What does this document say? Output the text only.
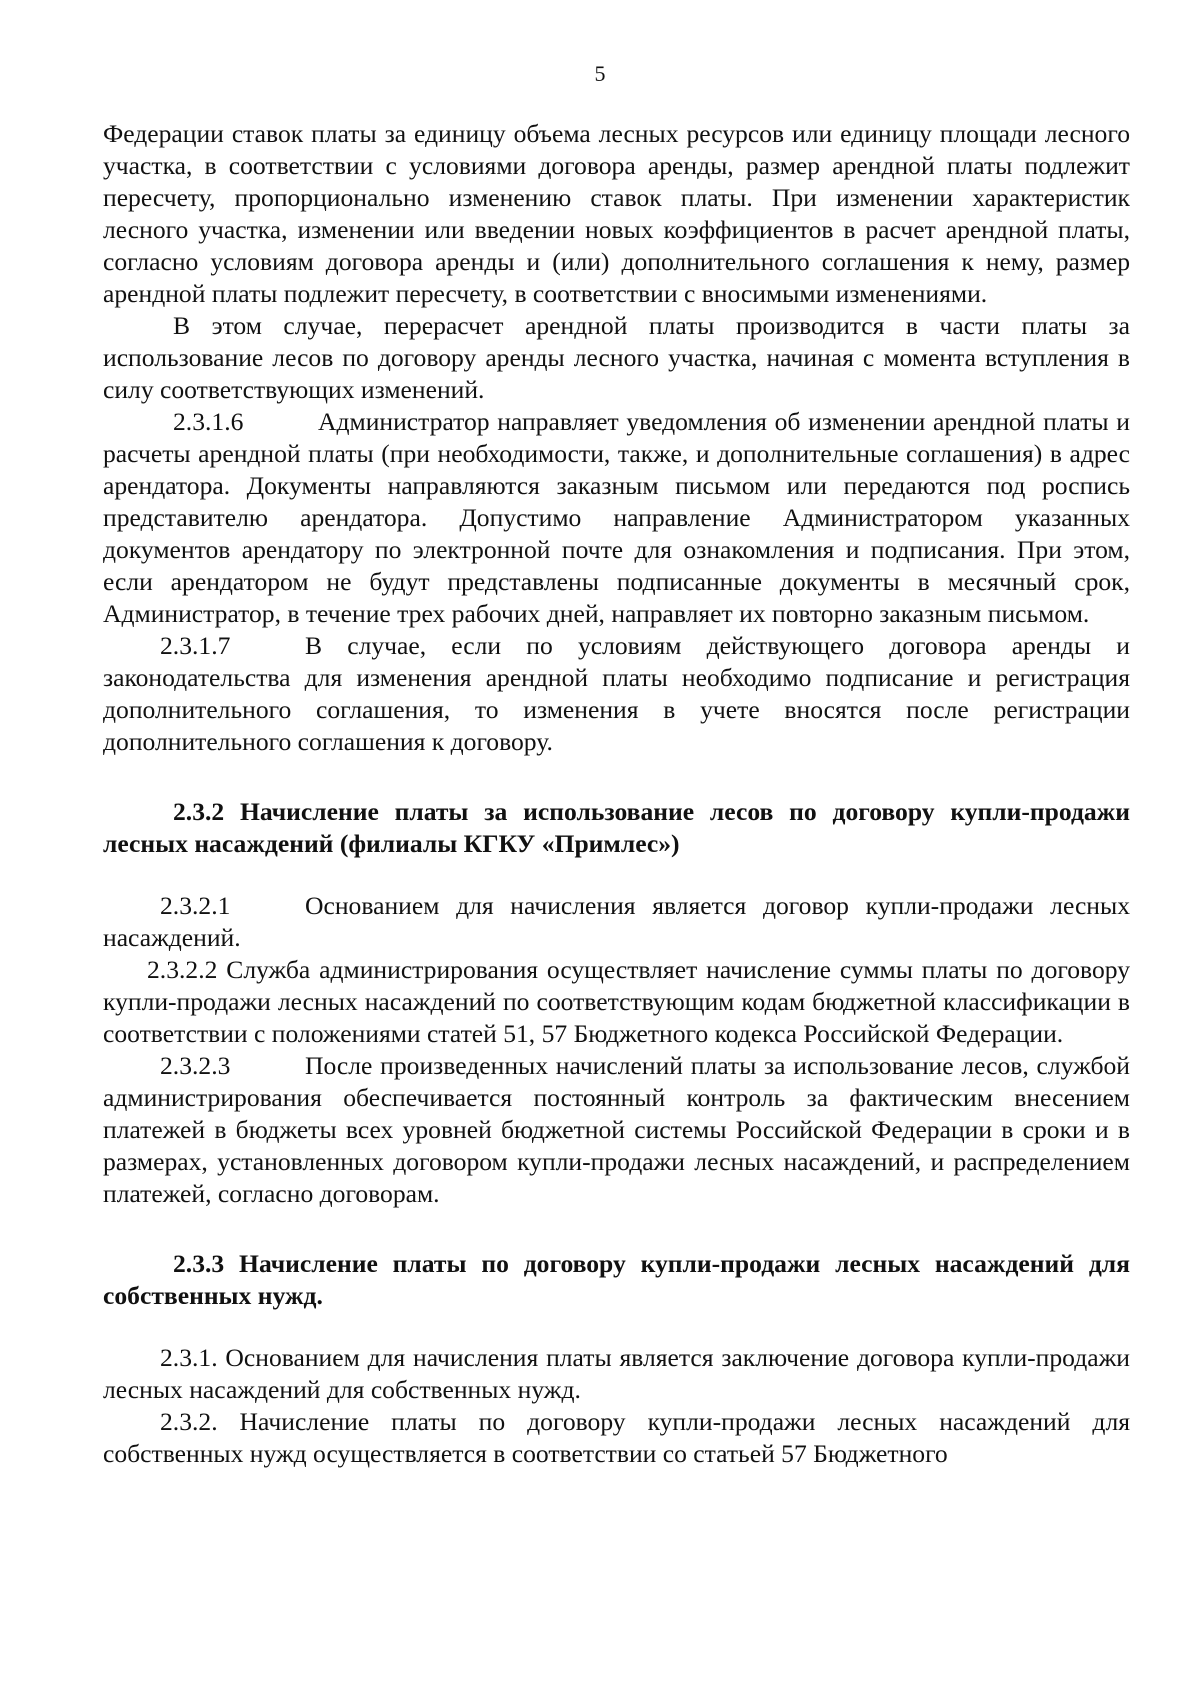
5

Федерации ставок платы за единицу объема лесных ресурсов или единицу площади лесного участка, в соответствии с условиями договора аренды, размер арендной платы подлежит пересчету, пропорционально изменению ставок платы. При изменении характеристик лесного участка, изменении или введении новых коэффициентов в расчет арендной платы, согласно условиям договора аренды и (или) дополнительного соглашения к нему, размер арендной платы подлежит пересчету, в соответствии с вносимыми изменениями.

В этом случае, перерасчет арендной платы производится в части платы за использование лесов по договору аренды лесного участка, начиная с момента вступления в силу соответствующих изменений.

2.3.1.6	Администратор направляет уведомления об изменении арендной платы и расчеты арендной платы (при необходимости, также, и дополнительные соглашения) в адрес арендатора. Документы направляются заказным письмом или передаются под роспись представителю арендатора. Допустимо направление Администратором указанных документов арендатору по электронной почте для ознакомления и подписания. При этом, если арендатором не будут представлены подписанные документы в месячный срок, Администратор, в течение трех рабочих дней, направляет их повторно заказным письмом.

2.3.1.7	В случае, если по условиям действующего договора аренды и законодательства для изменения арендной платы необходимо подписание и регистрация дополнительного соглашения, то изменения в учете вносятся после регистрации дополнительного соглашения к договору.

2.3.2 Начисление платы за использование лесов по договору купли-продажи лесных насаждений (филиалы КГКУ «Примлес»)

2.3.2.1	Основанием для начисления является договор купли-продажи лесных насаждений.

2.3.2.2 Служба администрирования осуществляет начисление суммы платы по договору купли-продажи лесных насаждений по соответствующим кодам бюджетной классификации в соответствии с положениями статей 51, 57 Бюджетного кодекса Российской Федерации.

2.3.2.3	После произведенных начислений платы за использование лесов, службой администрирования обеспечивается постоянный контроль за фактическим внесением платежей в бюджеты всех уровней бюджетной системы Российской Федерации в сроки и в размерах, установленных договором купли-продажи лесных насаждений, и распределением платежей, согласно договорам.

2.3.3 Начисление платы по договору купли-продажи лесных насаждений для собственных нужд.

2.3.1. Основанием для начисления платы является заключение договора купли-продажи лесных насаждений для собственных нужд.

2.3.2. Начисление платы по договору купли-продажи лесных насаждений для собственных нужд осуществляется в соответствии со статьей 57 Бюджетного
